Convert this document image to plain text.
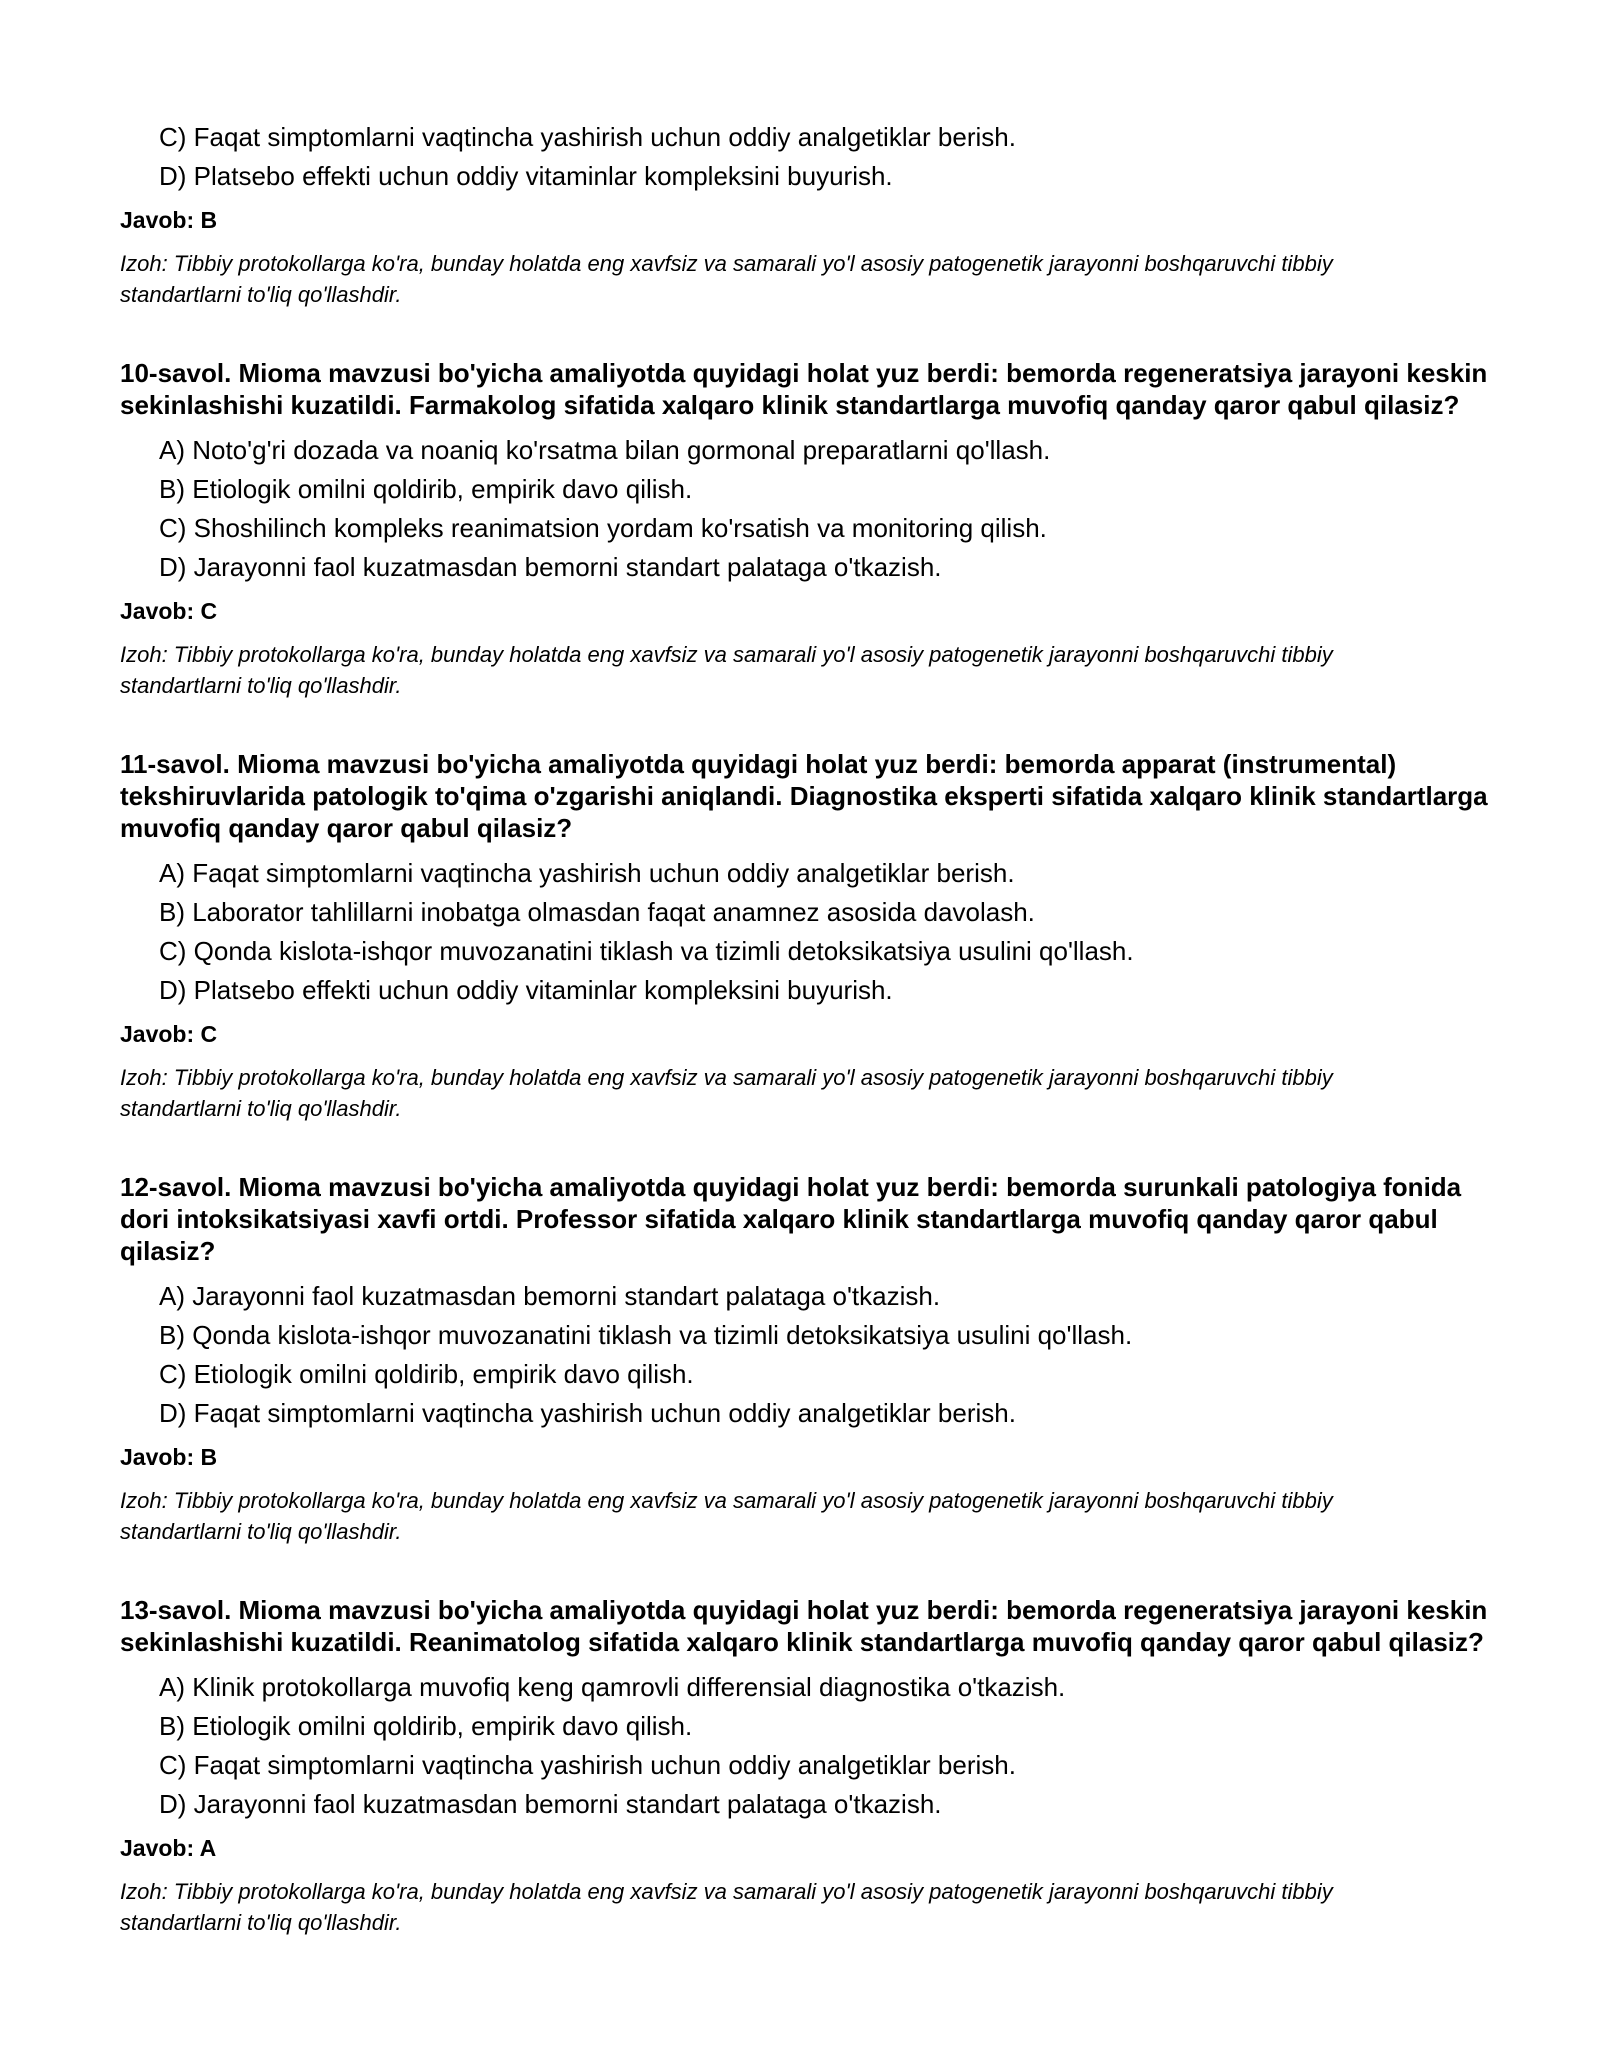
C) Faqat simptomlarni vaqtincha yashirish uchun oddiy analgetiklar berish.
D) Platsebo effekti uchun oddiy vitaminlar kompleksini buyurish.
Javob: B
Izoh: Tibbiy protokollarga ko'ra, bunday holatda eng xavfsiz va samarali yo'l asosiy patogenetik jarayonni boshqaruvchi tibbiy standartlarni to'liq qo'llashdir.
10-savol. Mioma mavzusi bo'yicha amaliyotda quyidagi holat yuz berdi: bemorda regeneratsiya jarayoni keskin sekinlashishi kuzatildi. Farmakolog sifatida xalqaro klinik standartlarga muvofiq qanday qaror qabul qilasiz?
A) Noto'g'ri dozada va noaniq ko'rsatma bilan gormonal preparatlarni qo'llash.
B) Etiologik omilni qoldirib, empirik davo qilish.
C) Shoshilinch kompleks reanimatsion yordam ko'rsatish va monitoring qilish.
D) Jarayonni faol kuzatmasdan bemorni standart palataga o'tkazish.
Javob: C
Izoh: Tibbiy protokollarga ko'ra, bunday holatda eng xavfsiz va samarali yo'l asosiy patogenetik jarayonni boshqaruvchi tibbiy standartlarni to'liq qo'llashdir.
11-savol. Mioma mavzusi bo'yicha amaliyotda quyidagi holat yuz berdi: bemorda apparat (instrumental) tekshiruvlarida patologik to'qima o'zgarishi aniqlandi. Diagnostika eksperti sifatida xalqaro klinik standartlarga muvofiq qanday qaror qabul qilasiz?
A) Faqat simptomlarni vaqtincha yashirish uchun oddiy analgetiklar berish.
B) Laborator tahlillarni inobatga olmasdan faqat anamnez asosida davolash.
C) Qonda kislota-ishqor muvozanatini tiklash va tizimli detoksikatsiya usulini qo'llash.
D) Platsebo effekti uchun oddiy vitaminlar kompleksini buyurish.
Javob: C
Izoh: Tibbiy protokollarga ko'ra, bunday holatda eng xavfsiz va samarali yo'l asosiy patogenetik jarayonni boshqaruvchi tibbiy standartlarni to'liq qo'llashdir.
12-savol. Mioma mavzusi bo'yicha amaliyotda quyidagi holat yuz berdi: bemorda surunkali patologiya fonida dori intoksikatsiyasi xavfi ortdi. Professor sifatida xalqaro klinik standartlarga muvofiq qanday qaror qabul qilasiz?
A) Jarayonni faol kuzatmasdan bemorni standart palataga o'tkazish.
B) Qonda kislota-ishqor muvozanatini tiklash va tizimli detoksikatsiya usulini qo'llash.
C) Etiologik omilni qoldirib, empirik davo qilish.
D) Faqat simptomlarni vaqtincha yashirish uchun oddiy analgetiklar berish.
Javob: B
Izoh: Tibbiy protokollarga ko'ra, bunday holatda eng xavfsiz va samarali yo'l asosiy patogenetik jarayonni boshqaruvchi tibbiy standartlarni to'liq qo'llashdir.
13-savol. Mioma mavzusi bo'yicha amaliyotda quyidagi holat yuz berdi: bemorda regeneratsiya jarayoni keskin sekinlashishi kuzatildi. Reanimatolog sifatida xalqaro klinik standartlarga muvofiq qanday qaror qabul qilasiz?
A) Klinik protokollarga muvofiq keng qamrovli differensial diagnostika o'tkazish.
B) Etiologik omilni qoldirib, empirik davo qilish.
C) Faqat simptomlarni vaqtincha yashirish uchun oddiy analgetiklar berish.
D) Jarayonni faol kuzatmasdan bemorni standart palataga o'tkazish.
Javob: A
Izoh: Tibbiy protokollarga ko'ra, bunday holatda eng xavfsiz va samarali yo'l asosiy patogenetik jarayonni boshqaruvchi tibbiy standartlarni to'liq qo'llashdir.
